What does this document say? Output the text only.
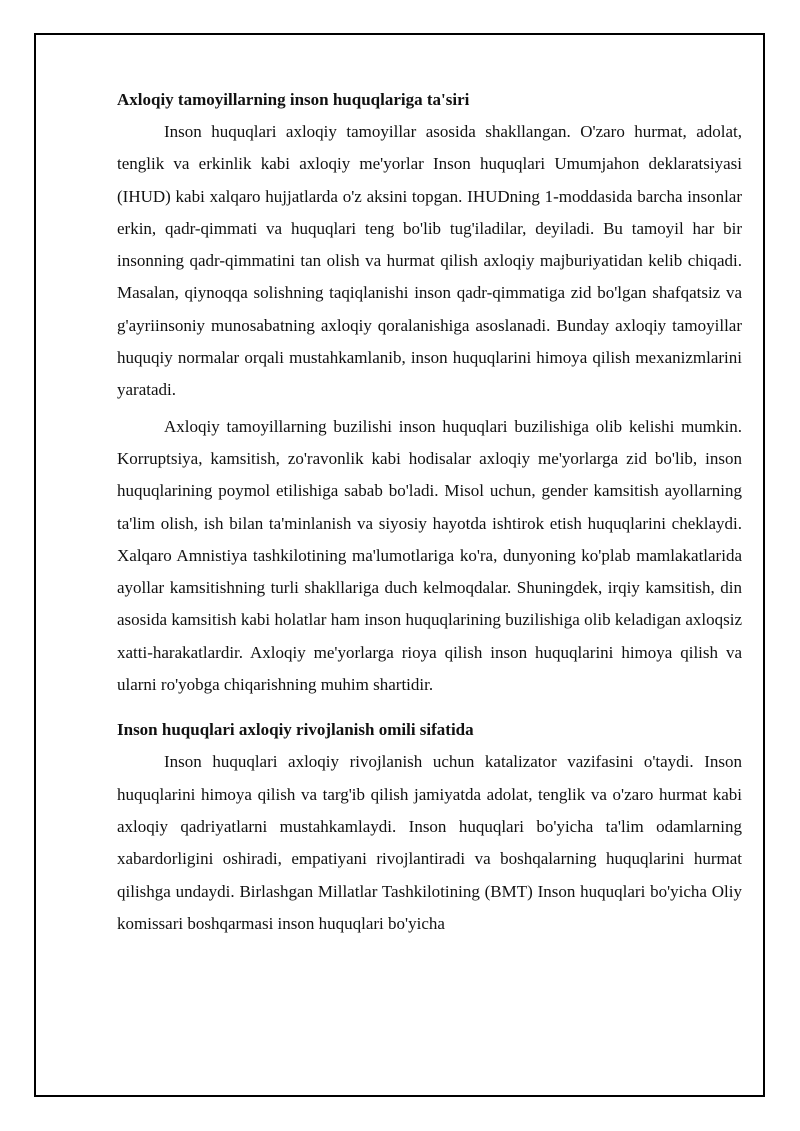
Axloqiy tamoyillarning inson huquqlariga ta'siri

Inson huquqlari axloqiy tamoyillar asosida shakllangan. O'zaro hurmat, adolat, tenglik va erkinlik kabi axloqiy me'yorlar Inson huquqlari Umumjahon deklaratsiyasi (IHUD) kabi xalqaro hujjatlarda o'z aksini topgan. IHUDning 1-moddasida barcha insonlar erkin, qadr-qimmati va huquqlari teng bo'lib tug'iladilar, deyiladi. Bu tamoyil har bir insonning qadr-qimmatini tan olish va hurmat qilish axloqiy majburiyatidan kelib chiqadi. Masalan, qiynoqqa solishning taqiqlanishi inson qadr-qimmatiga zid bo'lgan shafqatsiz va g'ayriinsoniy munosabatning axloqiy qoralanishiga asoslanadi. Bunday axloqiy tamoyillar huquqiy normalar orqali mustahkamlanib, inson huquqlarini himoya qilish mexanizmlarini yaratadi.

Axloqiy tamoyillarning buzilishi inson huquqlari buzilishiga olib kelishi mumkin. Korruptsiya, kamsitish, zo'ravonlik kabi hodisalar axloqiy me'yorlarga zid bo'lib, inson huquqlarining poymol etilishiga sabab bo'ladi. Misol uchun, gender kamsitish ayollarning ta'lim olish, ish bilan ta'minlanish va siyosiy hayotda ishtirok etish huquqlarini cheklaydi. Xalqaro Amnistiya tashkilotining ma'lumotlariga ko'ra, dunyoning ko'plab mamlakatlarida ayollar kamsitishning turli shakllariga duch kelmoqdalar. Shuningdek, irqiy kamsitish, din asosida kamsitish kabi holatlar ham inson huquqlarining buzilishiga olib keladigan axloqsiz xatti-harakatlardir. Axloqiy me'yorlarga rioya qilish inson huquqlarini himoya qilish va ularni ro'yobga chiqarishning muhim shartidir.

Inson huquqlari axloqiy rivojlanish omili sifatida

Inson huquqlari axloqiy rivojlanish uchun katalizator vazifasini o'taydi. Inson huquqlarini himoya qilish va targ'ib qilish jamiyatda adolat, tenglik va o'zaro hurmat kabi axloqiy qadriyatlarni mustahkamlaydi. Inson huquqlari bo'yicha ta'lim odamlarning xabardorligini oshiradi, empatiyani rivojlantiradi va boshqalarning huquqlarini hurmat qilishga undaydi. Birlashgan Millatlar Tashkilotining (BMT) Inson huquqlari bo'yicha Oliy komissari boshqarmasi inson huquqlari bo'yicha
